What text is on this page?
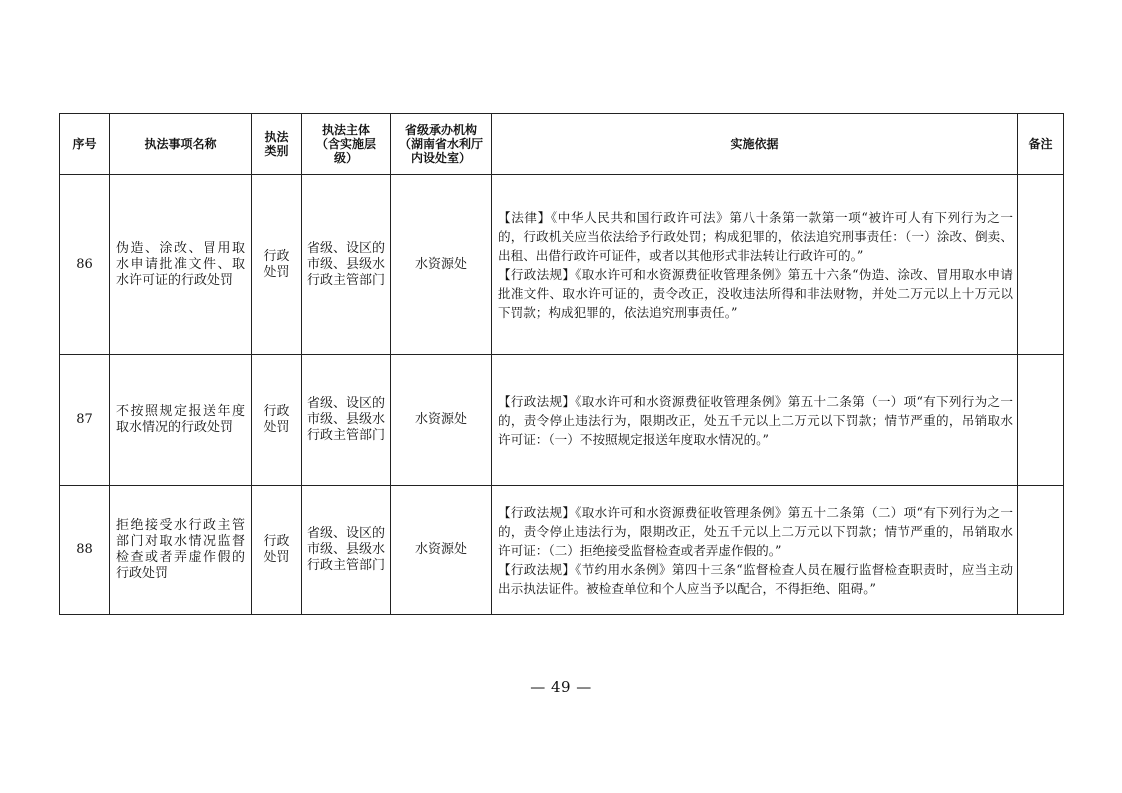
序号	执法事项名称	执法类别	执法主体（含实施层级）	省级承办机构（湖南省水利厅内设处室）	实施依据	备注
86	伪造、涂改、冒用取水申请批准文件、取水许可证的行政处罚	行政处罚	省级、设区的市级、县级水行政主管部门	水资源处	【法律】《中华人民共和国行政许可法》第八十条第一款第一项“被许可人有下列行为之一的，行政机关应当依法给予行政处罚；构成犯罪的，依法追究刑事责任：（一）涂改、倒卖、出租、出借行政许可证件，或者以其他形式非法转让行政许可的。”

【行政法规】《取水许可和水资源费征收管理条例》第五十六条“伪造、涂改、冒用取水申请批准文件、取水许可证的，责令改正，没收违法所得和非法财物，并处二万元以上十万元以下罚款；构成犯罪的，依法追究刑事责任。”	

87	不按照规定报送年度取水情况的行政处罚	行政处罚	省级、设区的市级、县级水行政主管部门	水资源处	【行政法规】《取水许可和水资源费征收管理条例》第五十二条第（一）项“有下列行为之一的，责令停止违法行为，限期改正，处五千元以上二万元以下罚款；情节严重的，吊销取水许可证：（一）不按照规定报送年度取水情况的。”	

88	拒绝接受水行政主管部门对取水情况监督检查或者弄虚作假的行政处罚	行政处罚	省级、设区的市级、县级水行政主管部门	水资源处	【行政法规】《取水许可和水资源费征收管理条例》第五十二条第（二）项“有下列行为之一的，责令停止违法行为，限期改正，处五千元以上二万元以下罚款；情节严重的，吊销取水许可证：（二）拒绝接受监督检查或者弄虚作假的。”

【行政法规】《节约用水条例》第四十三条“监督检查人员在履行监督检查职责时，应当主动出示执法证件。被检查单位和个人应当予以配合，不得拒绝、阻碍。”	

— 49 —
